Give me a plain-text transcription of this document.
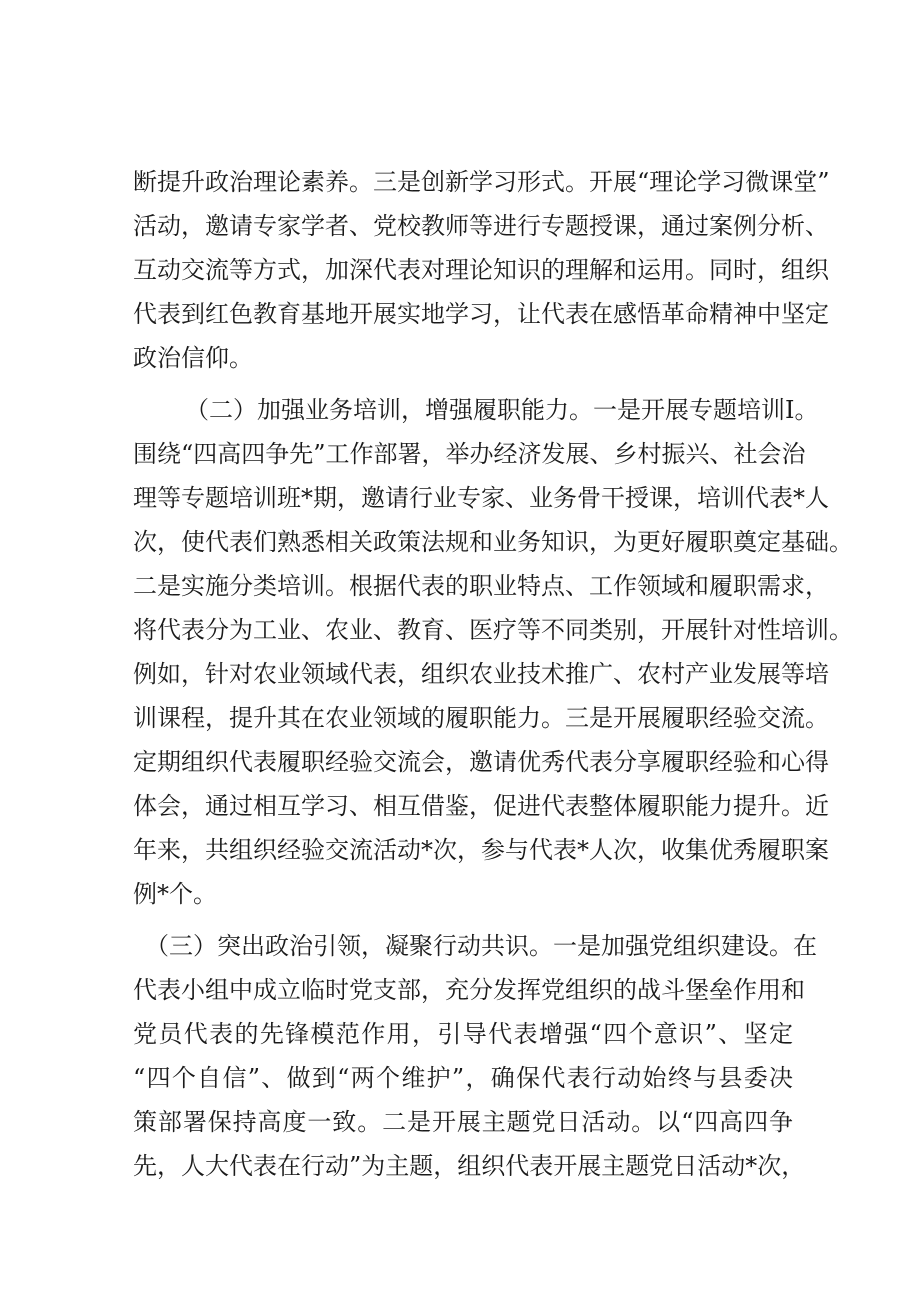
断提升政治理论素养。三是创新学习形式。开展“理论学习微课堂”

活动，邀请专家学者、党校教师等进行专题授课，通过案例分析、

互动交流等方式，加深代表对理论知识的理解和运用。同时，组织

代表到红色教育基地开展实地学习，让代表在感悟革命精神中坚定

政治信仰。

（二）加强业务培训，增强履职能力。一是开展专题培训I。

围绕“四高四争先”工作部署，举办经济发展、乡村振兴、社会治

理等专题培训班*期，邀请行业专家、业务骨干授课，培训代表*人

次，使代表们熟悉相关政策法规和业务知识，为更好履职奠定基础。

二是实施分类培训。根据代表的职业特点、工作领域和履职需求，

将代表分为工业、农业、教育、医疗等不同类别，开展针对性培训。

例如，针对农业领域代表，组织农业技术推广、农村产业发展等培

训课程，提升其在农业领域的履职能力。三是开展履职经验交流。

定期组织代表履职经验交流会，邀请优秀代表分享履职经验和心得

体会，通过相互学习、相互借鉴，促进代表整体履职能力提升。近

年来，共组织经验交流活动*次，参与代表*人次，收集优秀履职案

例*个。

（三）突出政治引领，凝聚行动共识。一是加强党组织建设。在

代表小组中成立临时党支部，充分发挥党组织的战斗堡垒作用和

党员代表的先锋模范作用，引导代表增强“四个意识”、坚定

“四个自信”、做到“两个维护”，确保代表行动始终与县委决

策部署保持高度一致。二是开展主题党日活动。以“四高四争

先，人大代表在行动”为主题，组织代表开展主题党日活动*次，
